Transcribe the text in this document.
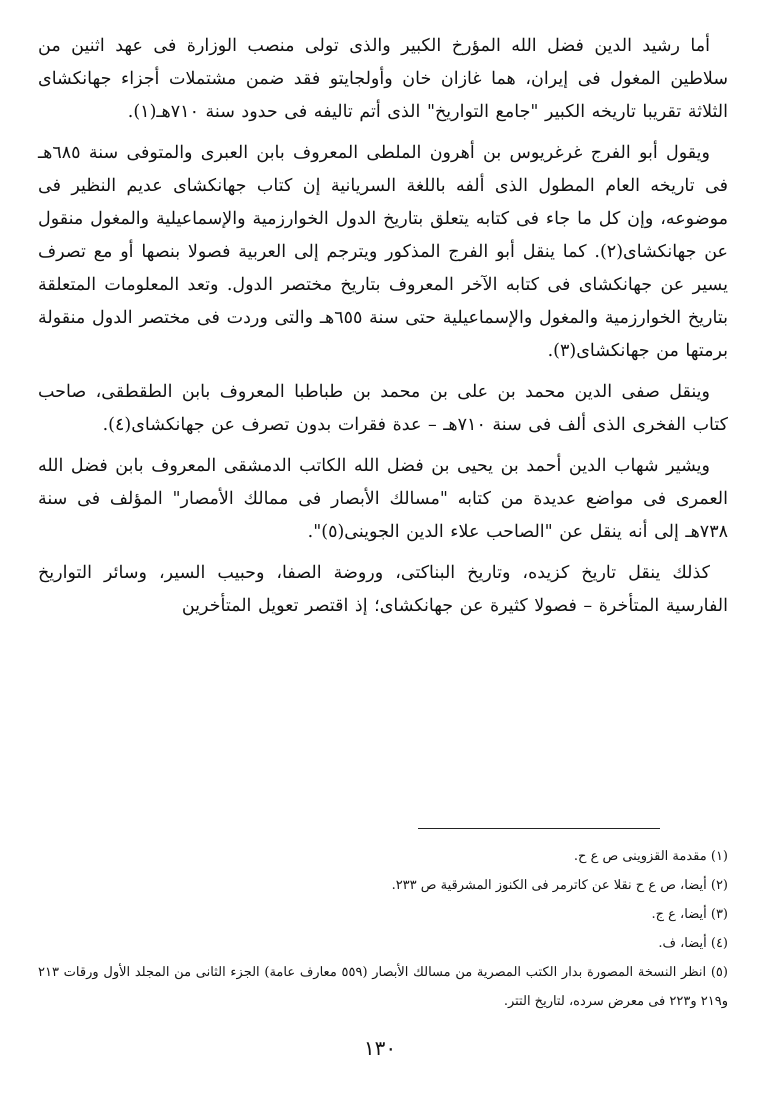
أما رشيد الدين فضل الله المؤرخ الكبير والذى تولى منصب الوزارة فى عهد اثنين من سلاطين المغول فى إيران، هما غازان خان وأولجايتو فقد ضمن مشتملات أجزاء جهانكشاى الثلاثة تقريبا تاريخه الكبير "جامع التواريخ" الذى أتم تاليفه فى حدود سنة ٧١٠هـ(١).

ويقول أبو الفرج غرغريوس بن أهرون الملطى المعروف بابن العبرى والمتوفى سنة ٦٨٥هـ فى تاريخه العام المطول الذى ألفه باللغة السريانية إن كتاب جهانكشاى عديم النظير فى موضوعه، وإن كل ما جاء فى كتابه يتعلق بتاريخ الدول الخوارزمية والإسماعيلية والمغول منقول عن جهانكشاى(٢). كما ينقل أبو الفرج المذكور ويترجم إلى العربية فصولا بنصها أو مع تصرف يسير عن جهانكشاى فى كتابه الآخر المعروف بتاريخ مختصر الدول. وتعد المعلومات المتعلقة بتاريخ الخوارزمية والمغول والإسماعيلية حتى سنة ٦٥٥هـ والتى وردت فى مختصر الدول منقولة برمتها من جهانكشاى(٣).

وينقل صفى الدين محمد بن على بن محمد بن طباطبا المعروف بابن الطقطقى، صاحب كتاب الفخرى الذى ألف فى سنة ٧١٠هـ – عدة فقرات بدون تصرف عن جهانكشاى(٤).

ويشير شهاب الدين أحمد بن يحيى بن فضل الله الكاتب الدمشقى المعروف بابن فضل الله العمرى فى مواضع عديدة من كتابه "مسالك الأبصار فى ممالك الأمصار" المؤلف فى سنة ٧٣٨هـ إلى أنه ينقل عن "الصاحب علاء الدين الجوينى(٥)".

كذلك ينقل تاريخ كزيده، وتاريخ البناكتى، وروضة الصفا، وحبيب السير، وسائر التواريخ الفارسية المتأخرة – فصولا كثيرة عن جهانكشاى؛ إذ اقتصر تعويل المتأخرين

(١) مقدمة القزوينى ص ع ح.

(٢) أيضا، ص ع ح نقلا عن كاترمر فى الكنوز المشرقية ص ٢٣٣.

(٣) أيضا، ع ج.

(٤) أيضا، ف.

(٥) انظر النسخة المصورة بدار الكتب المصرية من مسالك الأبصار (٥٥٩ معارف عامة) الجزء الثانى من المجلد الأول ورقات ٢١٣ و٢١٩ و٢٢٣ فى معرض سرده، لتاريخ التتر.

١٣٠
